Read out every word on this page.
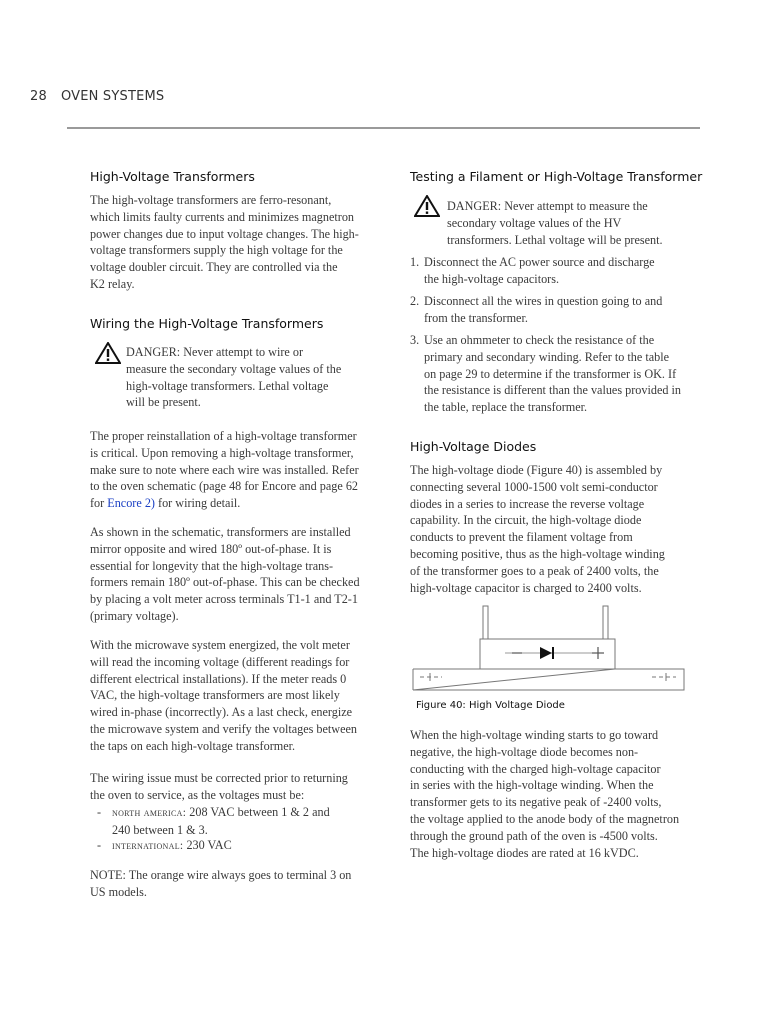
28 OVEN SYSTEMS
High-Voltage Transformers

The high-voltage transformers are ferro-resonant,

which limits faulty currents and minimizes magnetron

power changes due to input voltage changes. The high-

voltage transformers supply the high voltage for the

voltage doubler circuit. They are controlled via the

K2 relay.

Wiring the High-Voltage Transformers

DANGER: Never attempt to wire or

measure the secondary voltage values of the

high-voltage transformers. Lethal voltage

will be present.

The proper reinstallation of a high-voltage transformer

is critical. Upon removing a high-voltage transformer,

make sure to note where each wire was installed. Refer

to the oven schematic (page 48 for Encore and page 62

for Encore 2) for wiring detail.

As shown in the schematic, transformers are installed

mirror opposite and wired 180º out-of-phase. It is

essential for longevity that the high-voltage trans-

formers remain 180º out-of-phase. This can be checked

by placing a volt meter across terminals T1-1 and T2-1

(primary voltage).

With the microwave system energized, the volt meter

will read the incoming voltage (different readings for

different electrical installations). If the meter reads 0

VAC, the high-voltage transformers are most likely

wired in-phase (incorrectly). As a last check, energize

the microwave system and verify the voltages between

the taps on each high-voltage transformer.

The wiring issue must be corrected prior to returning

the oven to service, as the voltages must be:

- north america: 208 VAC between 1 & 2 and

240 between 1 & 3.

- international: 230 VAC

NOTE: The orange wire always goes to terminal 3 on

US models.

Testing a Filament or High-Voltage Transformer

DANGER: Never attempt to measure the

secondary voltage values of the HV

transformers. Lethal voltage will be present.

1. Disconnect the AC power source and discharge

the high-voltage capacitors.

2. Disconnect all the wires in question going to and

from the transformer.

3. Use an ohmmeter to check the resistance of the

primary and secondary winding. Refer to the table

on page 29 to determine if the transformer is OK. If

the resistance is different than the values provided in

the table, replace the transformer.

High-Voltage Diodes

The high-voltage diode (Figure 40) is assembled by

connecting several 1000-1500 volt semi-conductor

diodes in a series to increase the reverse voltage

capability. In the circuit, the high-voltage diode

conducts to prevent the filament voltage from

becoming positive, thus as the high-voltage winding

of the transformer goes to a peak of 2400 volts, the

high-voltage capacitor is charged to 2400 volts.

Figure 40: High Voltage Diode

When the high-voltage winding starts to go toward

negative, the high-voltage diode becomes non-

conducting with the charged high-voltage capacitor

in series with the high-voltage winding. When the

transformer gets to its negative peak of -2400 volts,

the voltage applied to the anode body of the magnetron

through the ground path of the oven is -4500 volts.

The high-voltage diodes are rated at 16 kVDC.
